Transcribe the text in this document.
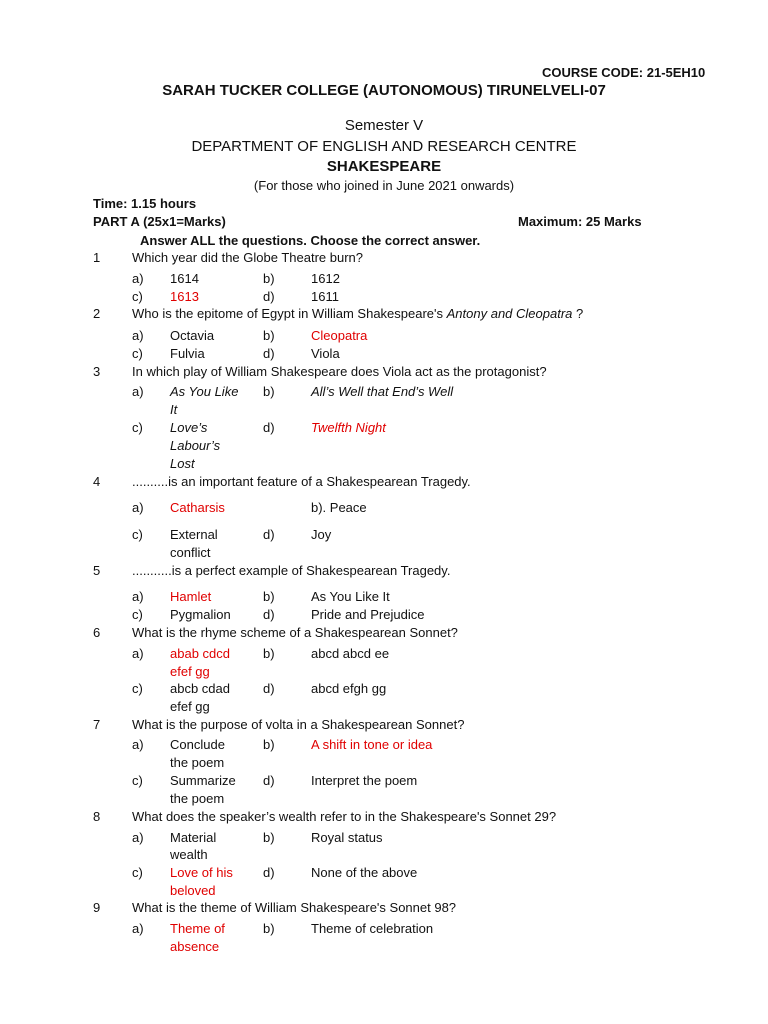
COURSE CODE: 21-5EH10
SARAH TUCKER COLLEGE (AUTONOMOUS) TIRUNELVELI-07
Semester V
DEPARTMENT OF ENGLISH AND RESEARCH CENTRE
SHAKESPEARE
(For those who joined in June 2021 onwards)
Time: 1.15 hours
PART A (25x1=Marks)	Maximum: 25 Marks
Answer ALL the questions. Choose the correct answer.
1 Which year did the Globe Theatre burn?
a) 1614	b)	1612
c) 1613	d)	1611
2 Who is the epitome of Egypt in William Shakespeare's Antony and Cleopatra ?
a) Octavia	b)	Cleopatra
c) Fulvia	d)	Viola
3 In which play of William Shakespeare does Viola act as the protagonist?
a) As You Like
It
b)	All’s Well that End’s Well
c) Love’s
Labour’s
Lost
d)	Twelfth Night
4 ..........is an important feature of a Shakespearean Tragedy.
a) Catharsis	b). Peace
c) External
conflict
d)	Joy
5 ...........is a perfect example of Shakespearean Tragedy.
a) Hamlet	b)	As You Like It
c) Pygmalion d)	Pride and Prejudice
6 What is the rhyme scheme of a Shakespearean Sonnet?
a) abab cdcd
efef gg
b)	abcd abcd ee
c) abcb cdad
efef gg
d)	abcd efgh gg
7 What is the purpose of volta in a Shakespearean Sonnet?
a) Conclude
the poem
b)	A shift in tone or idea
c) Summarize
the poem
d)	Interpret the poem
8 What does the speaker’s wealth refer to in the Shakespeare's Sonnet 29?
a) Material
wealth
b)	Royal status
c) Love of his
beloved
d)	None of the above
9 What is the theme of William Shakespeare's Sonnet 98?
a) Theme of
absence
b)	Theme of celebration
